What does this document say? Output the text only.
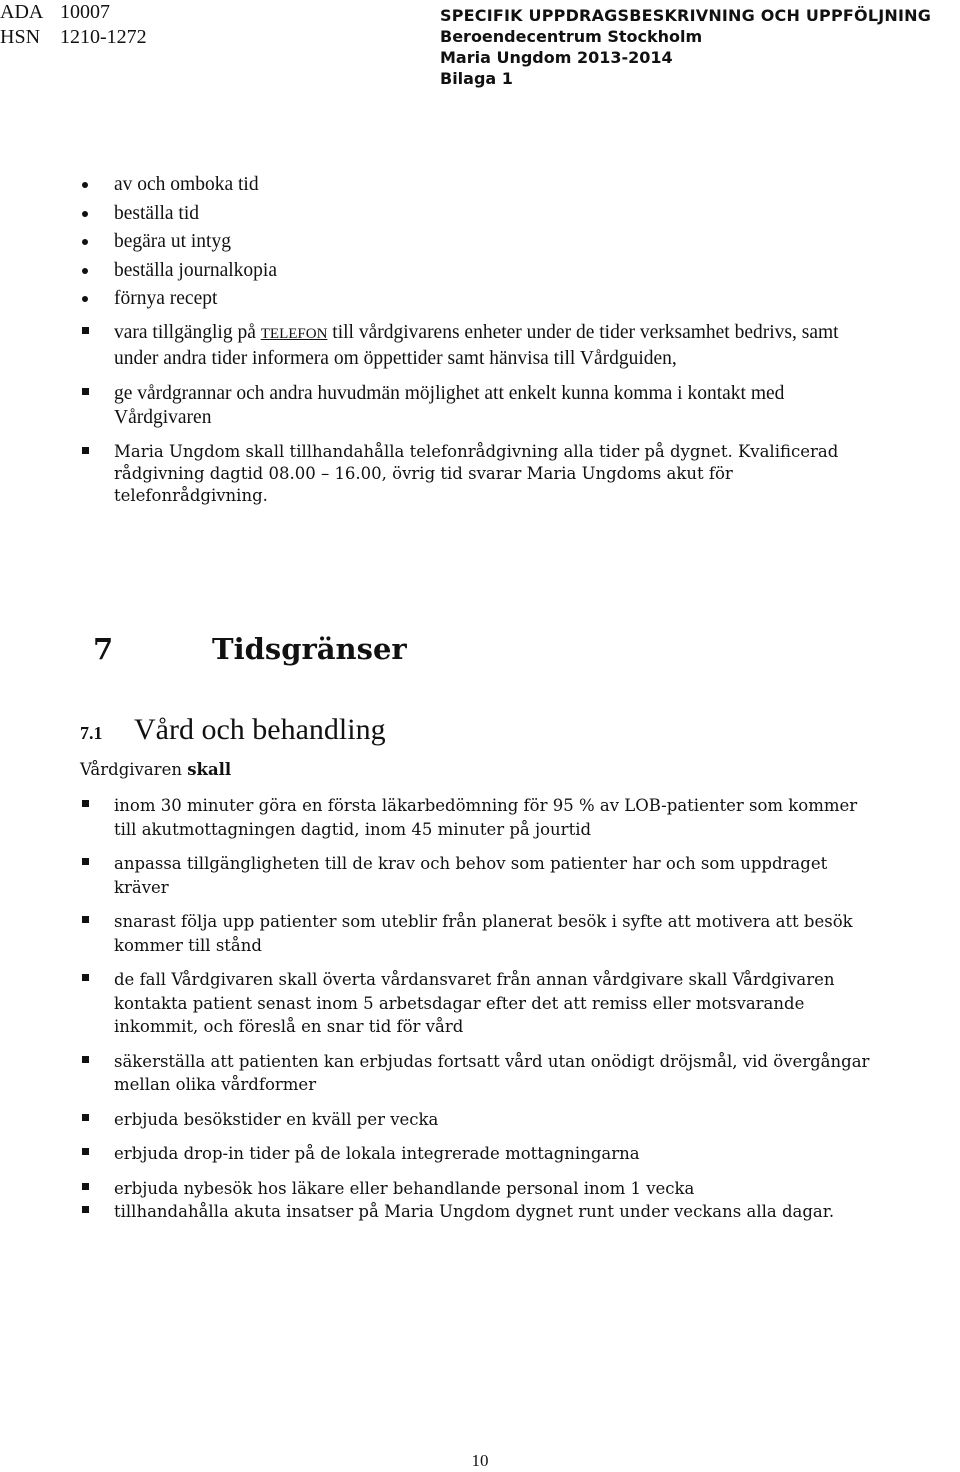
ADA 10007
HSN 1210-1272
SPECIFIK UPPDRAGSBESKRIVNING OCH UPPFÖLJNING
Beroendecentrum Stockholm
Maria Ungdom 2013-2014
Bilaga 1
av och omboka tid
beställa tid
begära ut intyg
beställa journalkopia
förnya recept
vara tillgänglig på TELEFON till vårdgivarens enheter under de tider verksamhet bedrivs, samt under andra tider informera om öppettider samt hänvisa till Vårdguiden,
ge vårdgrannar och andra huvudmän möjlighet att enkelt kunna komma i kontakt med Vårdgivaren
Maria Ungdom skall tillhandahålla telefonrådgivning alla tider på dygnet. Kvalificerad rådgivning dagtid 08.00 – 16.00, övrig tid svarar Maria Ungdoms akut för telefonrådgivning.
7	Tidsgränser
7.1 Vård och behandling
Vårdgivaren skall
inom 30 minuter göra en första läkarbedömning för 95 % av LOB-patienter som kommer till akutmottagningen dagtid, inom 45 minuter på jourtid
anpassa tillgängligheten till de krav och behov som patienter har och som uppdraget kräver
snarast följa upp patienter som uteblir från planerat besök i syfte att motivera att besök kommer till stånd
de fall Vårdgivaren skall överta vårdansvaret från annan vårdgivare skall Vårdgivaren kontakta patient senast inom 5 arbetsdagar efter det att remiss eller motsvarande inkommit, och föreslå en snar tid för vård
säkerställa att patienten kan erbjudas fortsatt vård utan onödigt dröjsmål, vid övergångar mellan olika vårdformer
erbjuda besökstider en kväll per vecka
erbjuda drop-in tider på de lokala integrerade mottagningarna
erbjuda nybesök hos läkare eller behandlande personal inom 1 vecka
tillhandahålla akuta insatser på Maria Ungdom dygnet runt under veckans alla dagar.
10
